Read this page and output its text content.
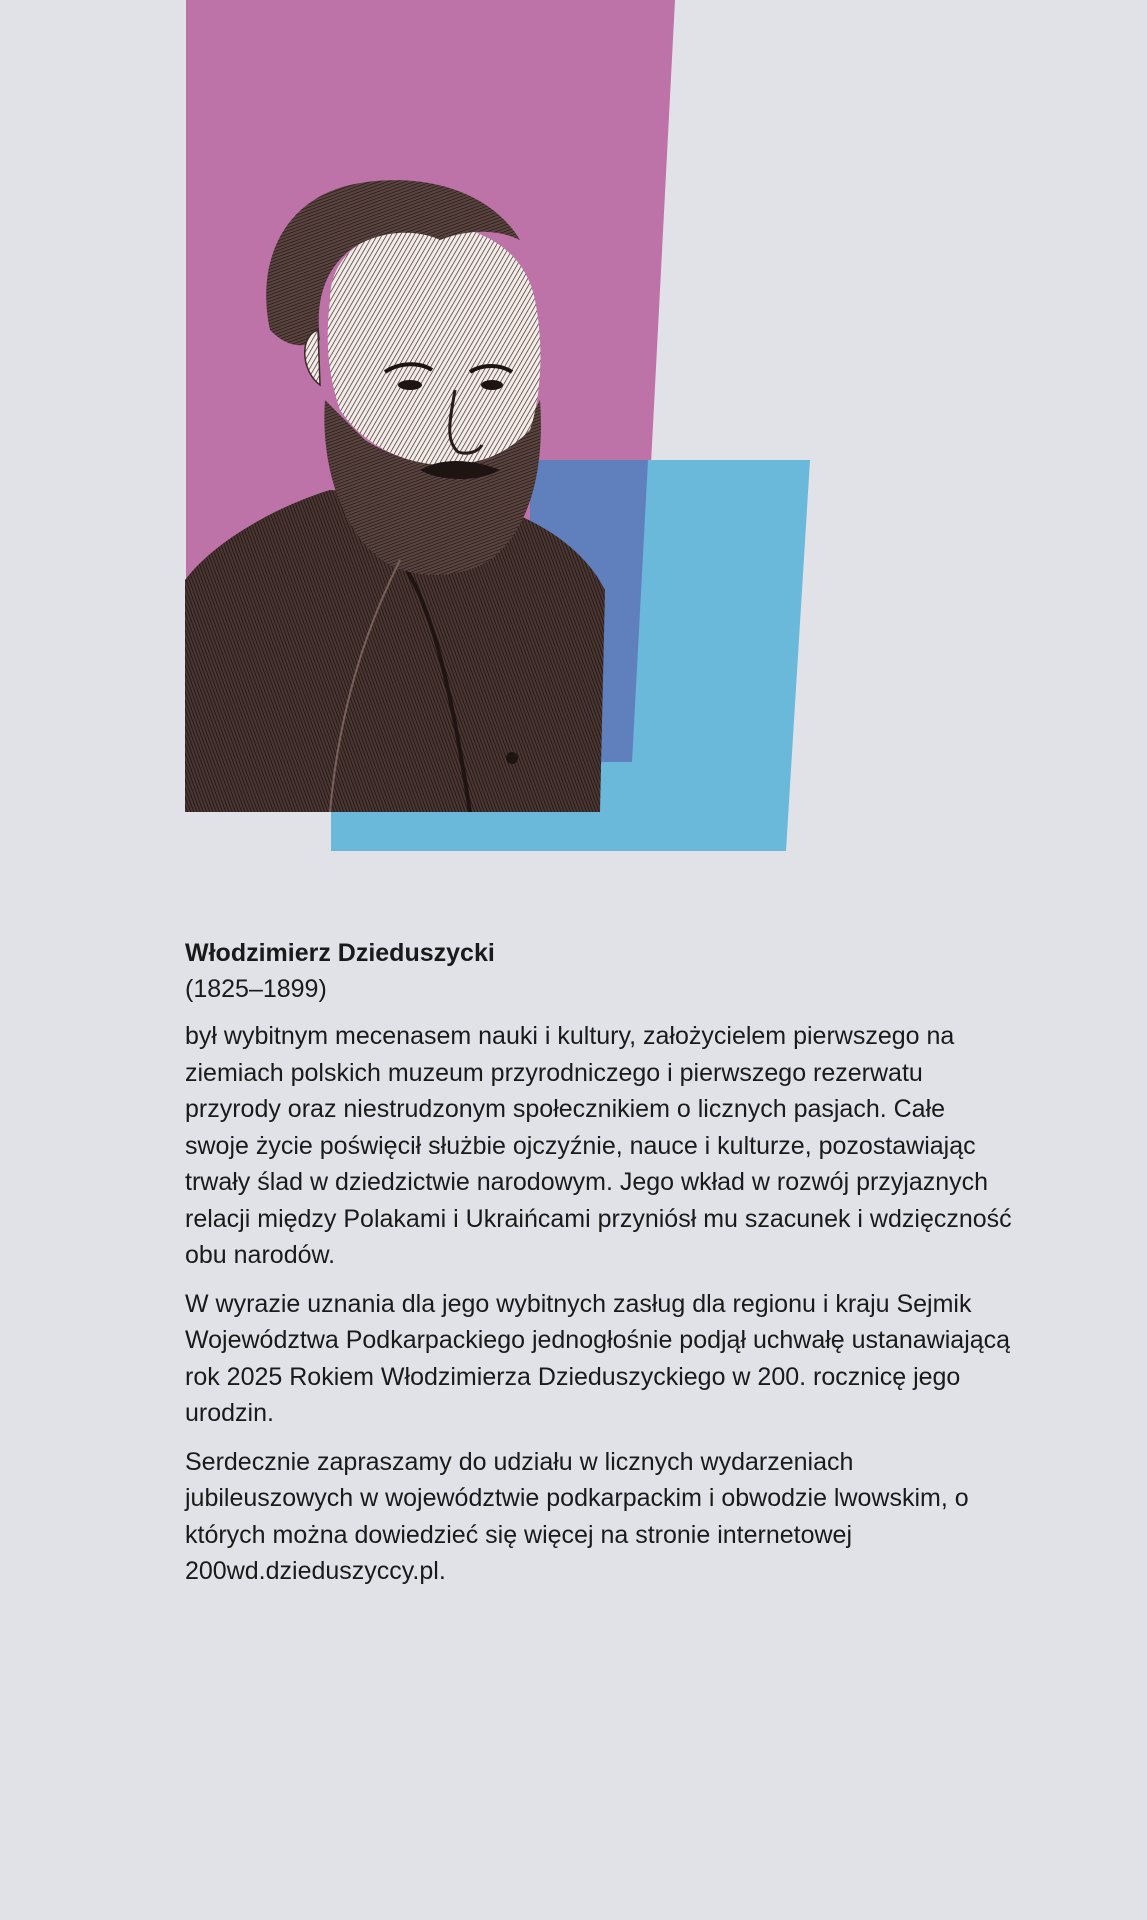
Włodzimierz Dzieduszycki

(1825–1899)

był wybitnym mecenasem nauki i kultury, założycielem pierwszego na ziemiach polskich muzeum przyrodniczego i pierwszego rezerwatu przyrody oraz niestrudzonym społecznikiem o licznych pasjach. Całe swoje życie poświęcił służbie ojczyźnie, nauce i kulturze, pozostawiając trwały ślad w dziedzictwie narodowym. Jego wkład w rozwój przyjaznych relacji między Polakami i Ukraińcami przyniósł mu szacunek i wdzięczność obu narodów.

W wyrazie uznania dla jego wybitnych zasług dla regionu i kraju Sejmik Województwa Podkarpackiego jednogłośnie podjął uchwałę ustanawiającą rok 2025 Rokiem Włodzimierza Dzieduszyckiego w 200. rocznicę jego urodzin.

Serdecznie zapraszamy do udziału w licznych wydarzeniach jubileuszowych w województwie podkarpackim i obwodzie lwowskim, o których można dowiedzieć się więcej na stronie internetowej 200wd.dzieduszyccy.pl.
